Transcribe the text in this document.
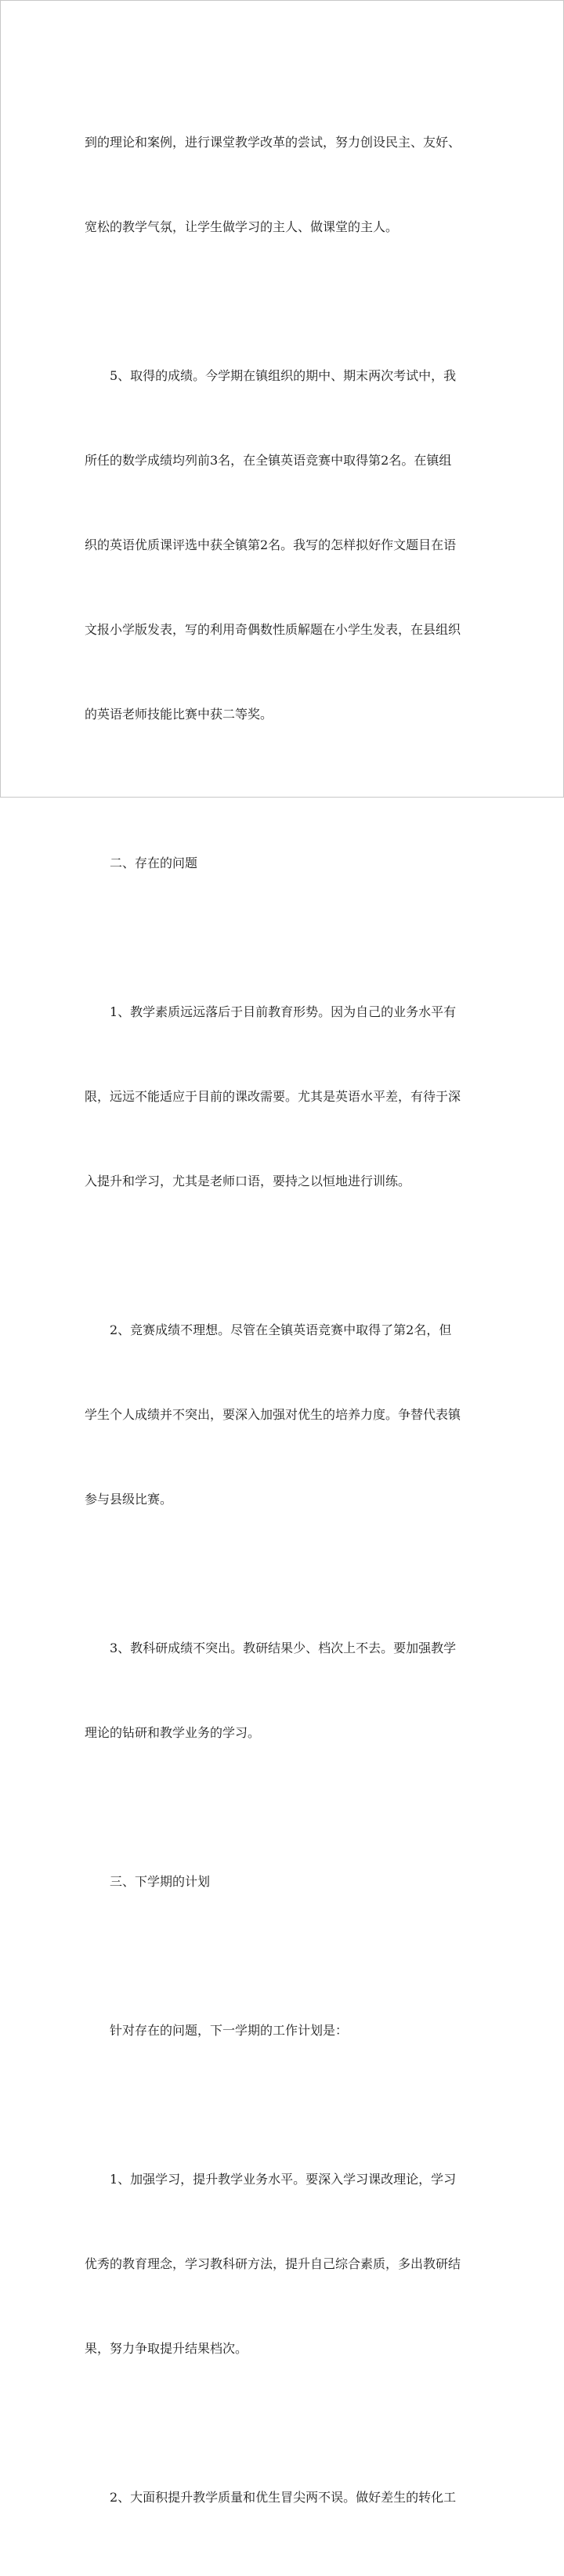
到的理论和案例，进行课堂教学改革的尝试，努力创设民主、友好、

宽松的教学气氛，让学生做学习的主人、做课堂的主人。

　　5、取得的成绩。今学期在镇组织的期中、期末两次考试中，我

所任的数学成绩均列前3名，在全镇英语竞赛中取得第2名。在镇组

织的英语优质课评选中获全镇第2名。我写的怎样拟好作文题目在语

文报小学版发表，写的利用奇偶数性质解题在小学生发表，在县组织

的英语老师技能比赛中获二等奖。

　　二、存在的问题

　　1、教学素质远远落后于目前教育形势。因为自己的业务水平有

限，远远不能适应于目前的课改需要。尤其是英语水平差，有待于深

入提升和学习，尤其是老师口语，要持之以恒地进行训练。

　　2、竞赛成绩不理想。尽管在全镇英语竞赛中取得了第2名，但

学生个人成绩并不突出，要深入加强对优生的培养力度。争替代表镇

参与县级比赛。

　　3、教科研成绩不突出。教研结果少、档次上不去。要加强教学

理论的钻研和教学业务的学习。

　　三、下学期的计划

　　针对存在的问题，下一学期的工作计划是：

　　1、加强学习，提升教学业务水平。要深入学习课改理论，学习

优秀的教育理念，学习教科研方法，提升自己综合素质，多出教研结

果，努力争取提升结果档次。

　　2、大面积提升教学质量和优生冒尖两不误。做好差生的转化工
